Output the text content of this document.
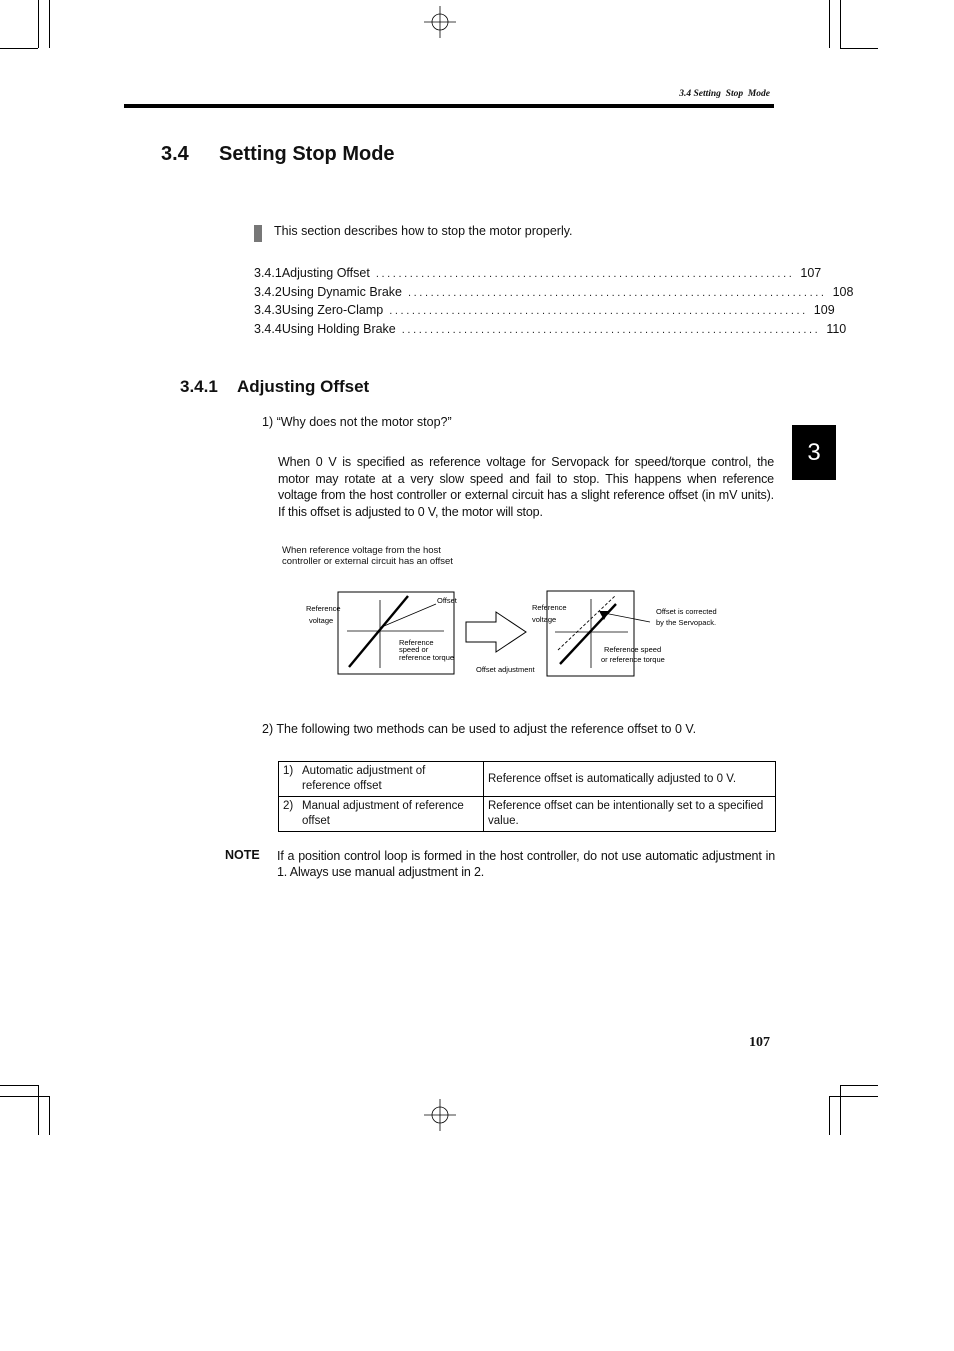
3.4 Setting Stop Mode
3.4 Setting Stop Mode
This section describes how to stop the motor properly.
3.4.1 Adjusting Offset .......................................................................... 107
3.4.2 Using Dynamic Brake .......................................................................... 108
3.4.3 Using Zero-Clamp .......................................................................... 109
3.4.4 Using Holding Brake .......................................................................... 110
3.4.1 Adjusting Offset
1) “Why does not the motor stop?”
When 0 V is specified as reference voltage for Servopack for speed/torque control, the motor may rotate at a very slow speed and fail to stop. This happens when reference voltage from the host controller or external circuit has a slight reference offset (in mV units). If this offset is adjusted to 0 V, the motor will stop.
When reference voltage from the host
controller or external circuit has an offset
Reference
voltage
Offset
Reference
speed or
reference torque
Offset adjustment
Reference
voltage
Offset is corrected
by the Servopack.
Reference speed
or reference torque
2) The following two methods can be used to adjust the reference offset to 0 V.
1) Automatic adjustment of reference offset	Reference offset is automatically adjusted to 0 V.
2) Manual adjustment of reference offset	Reference offset can be intentionally set to a specified value.
NOTE If a position control loop is formed in the host controller, do not use automatic adjustment in 1. Always use manual adjustment in 2.
107
3
